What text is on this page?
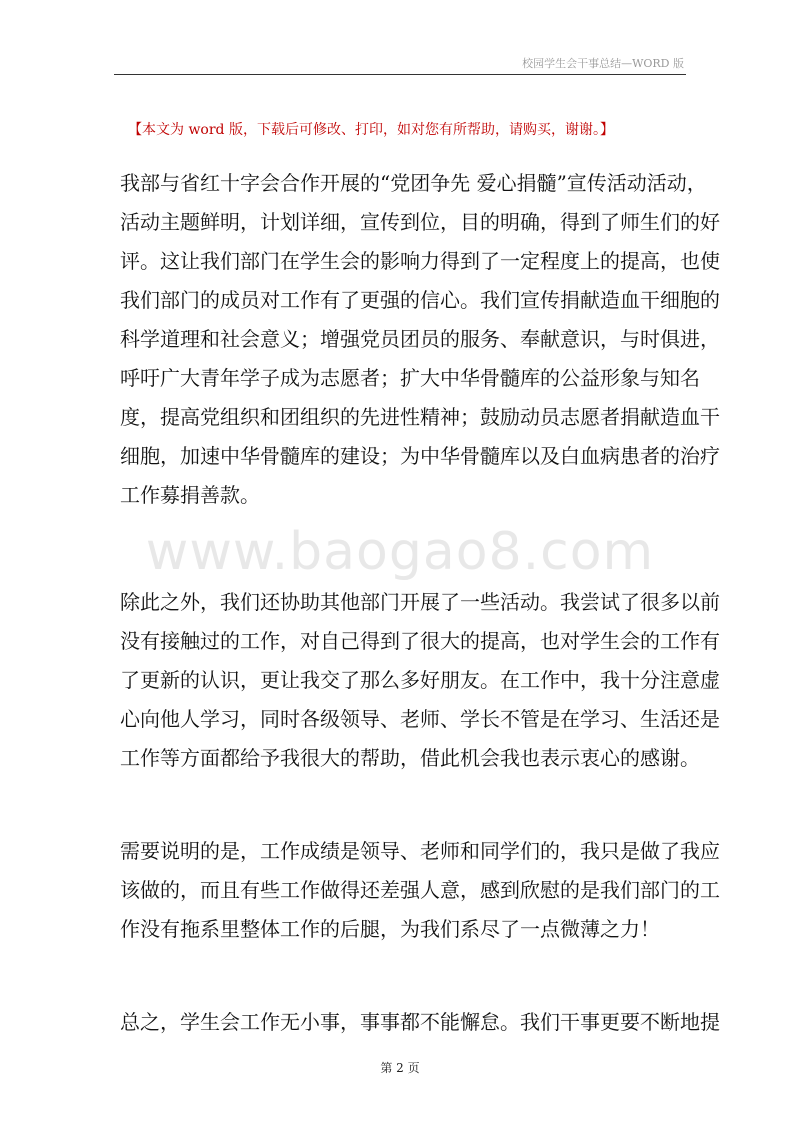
校园学生会干事总结—WORD 版
【本文为 word 版，下载后可修改、打印，如对您有所帮助，请购买，谢谢。】
www.baogao8.com
我部与省红十字会合作开展的“党团争先 爱心捐髓”宣传活动活动，
活动主题鲜明，计划详细，宣传到位，目的明确，得到了师生们的好
评。这让我们部门在学生会的影响力得到了一定程度上的提高，也使
我们部门的成员对工作有了更强的信心。我们宣传捐献造血干细胞的
科学道理和社会意义；增强党员团员的服务、奉献意识，与时俱进，
呼吁广大青年学子成为志愿者；扩大中华骨髓库的公益形象与知名
度，提高党组织和团组织的先进性精神；鼓励动员志愿者捐献造血干
细胞，加速中华骨髓库的建设；为中华骨髓库以及白血病患者的治疗
工作募捐善款。
除此之外，我们还协助其他部门开展了一些活动。我尝试了很多以前
没有接触过的工作，对自己得到了很大的提高，也对学生会的工作有
了更新的认识，更让我交了那么多好朋友。在工作中，我十分注意虚
心向他人学习，同时各级领导、老师、学长不管是在学习、生活还是
工作等方面都给予我很大的帮助，借此机会我也表示衷心的感谢。
需要说明的是，工作成绩是领导、老师和同学们的，我只是做了我应
该做的，而且有些工作做得还差强人意，感到欣慰的是我们部门的工
作没有拖系里整体工作的后腿，为我们系尽了一点微薄之力！
总之，学生会工作无小事，事事都不能懈怠。我们干事更要不断地提
第 2 页
